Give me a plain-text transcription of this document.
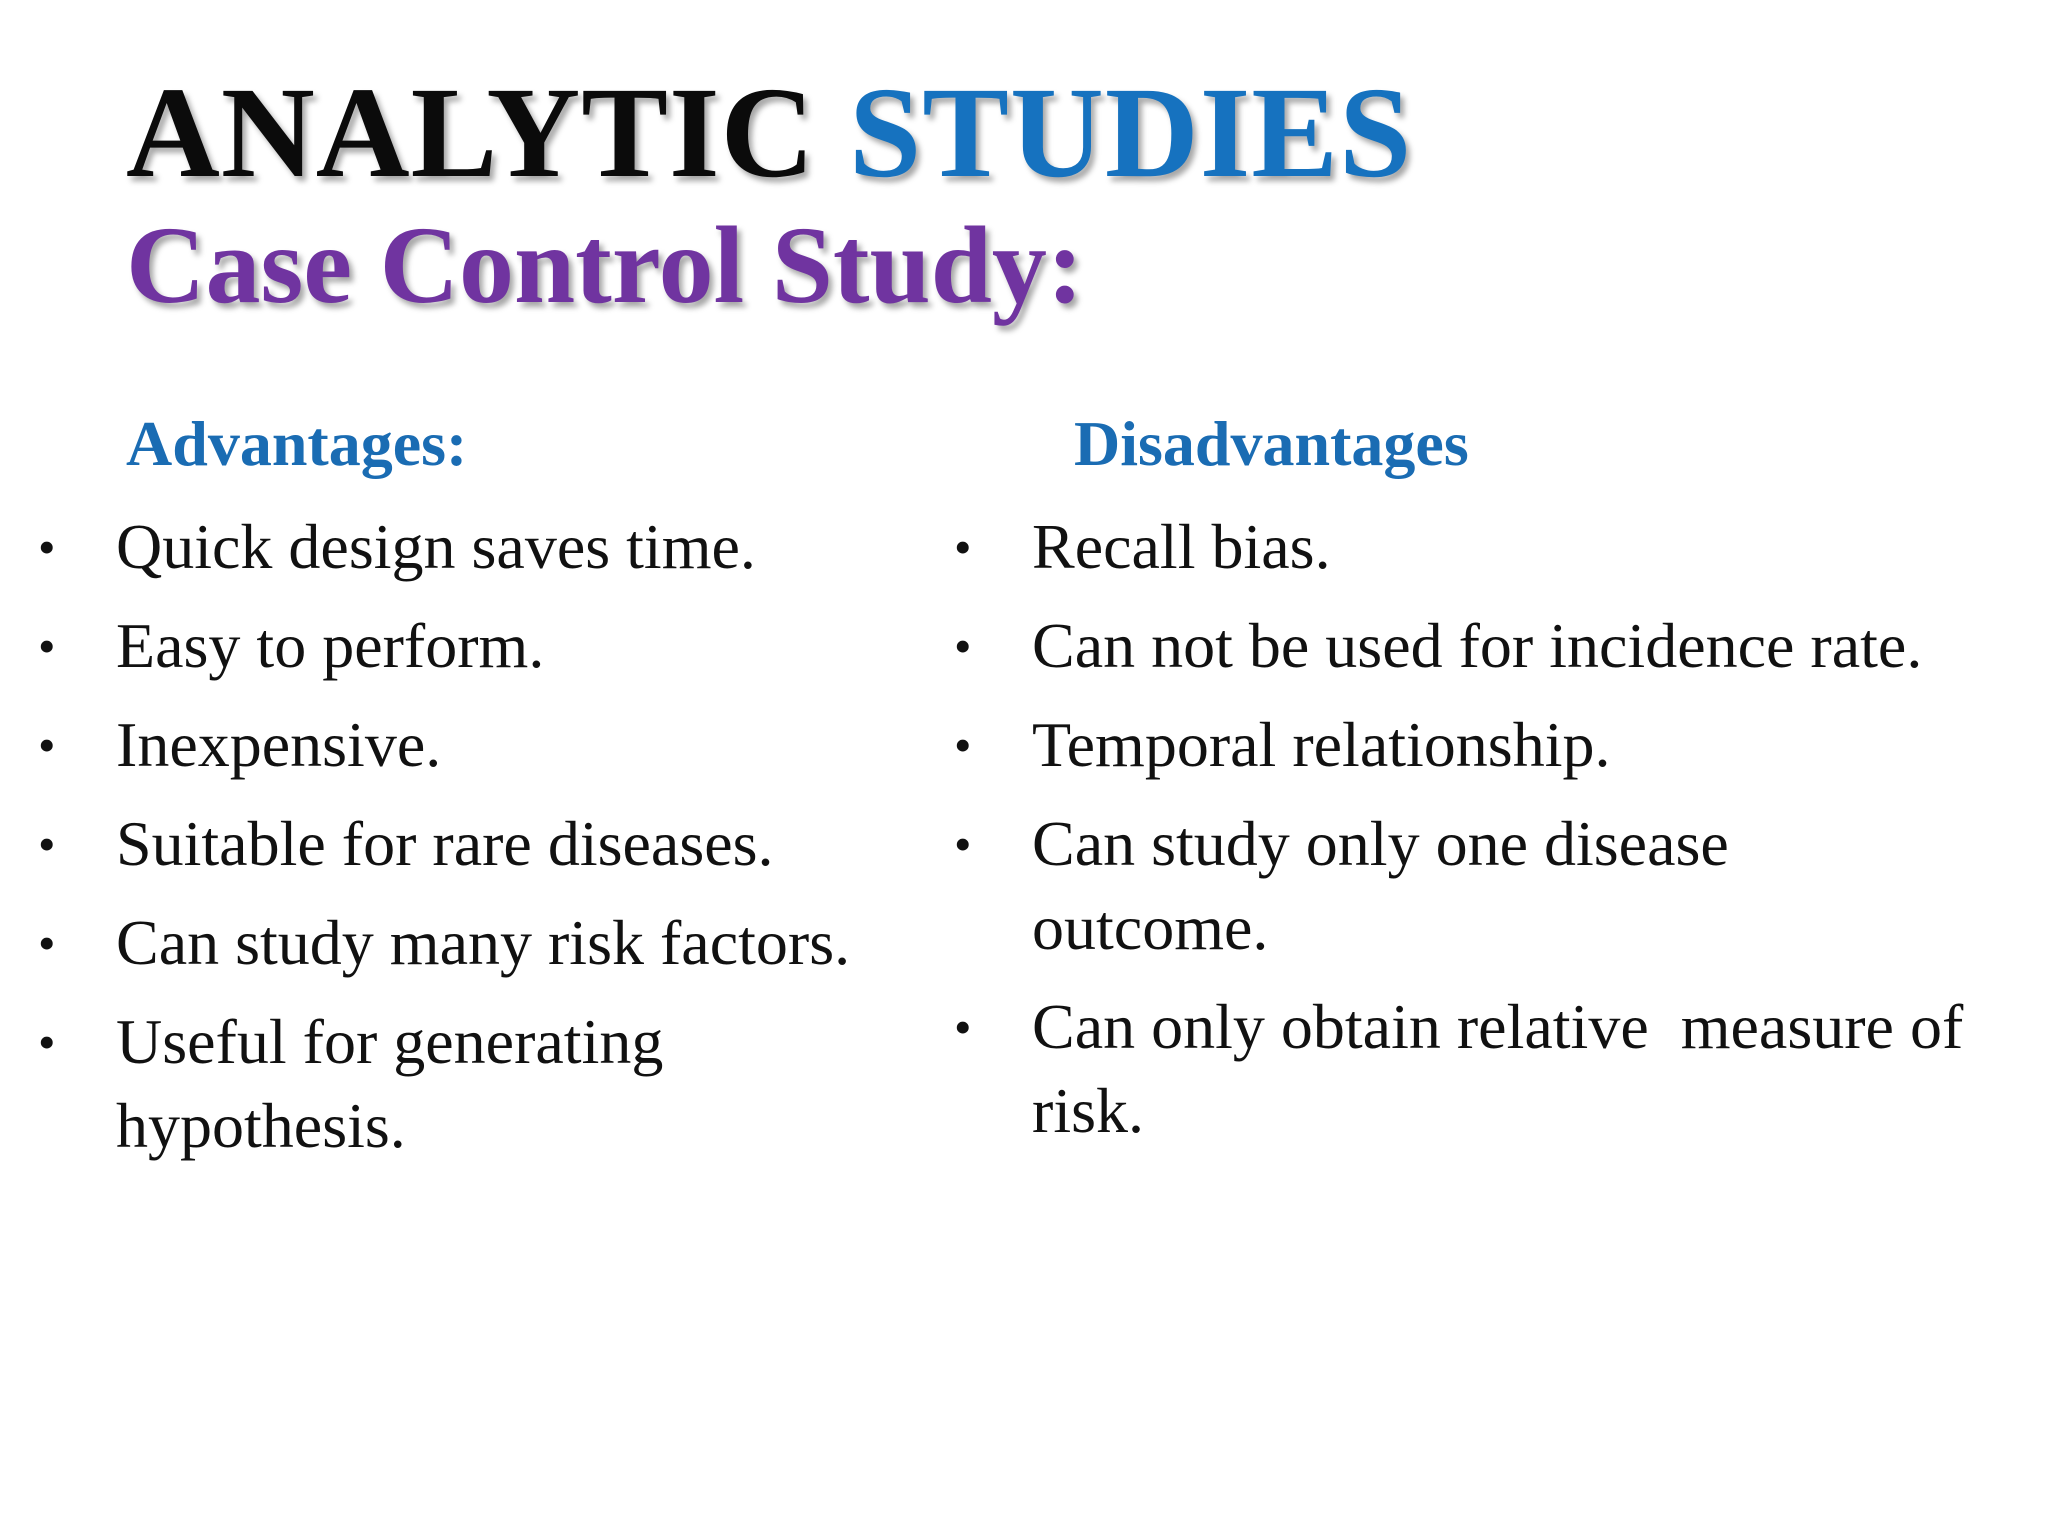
ANALYTIC STUDIES
Case Control Study:
Advantages:	Disadvantages
• Quick design saves time.
• Easy to perform.
• Inexpensive.
• Suitable for rare diseases.
• Can study many risk factors.
• Useful for generating hypothesis.
• Recall bias.
• Can not be used for incidence rate.
• Temporal relationship.
• Can study only one disease outcome.
• Can only obtain relative  measure of risk.
